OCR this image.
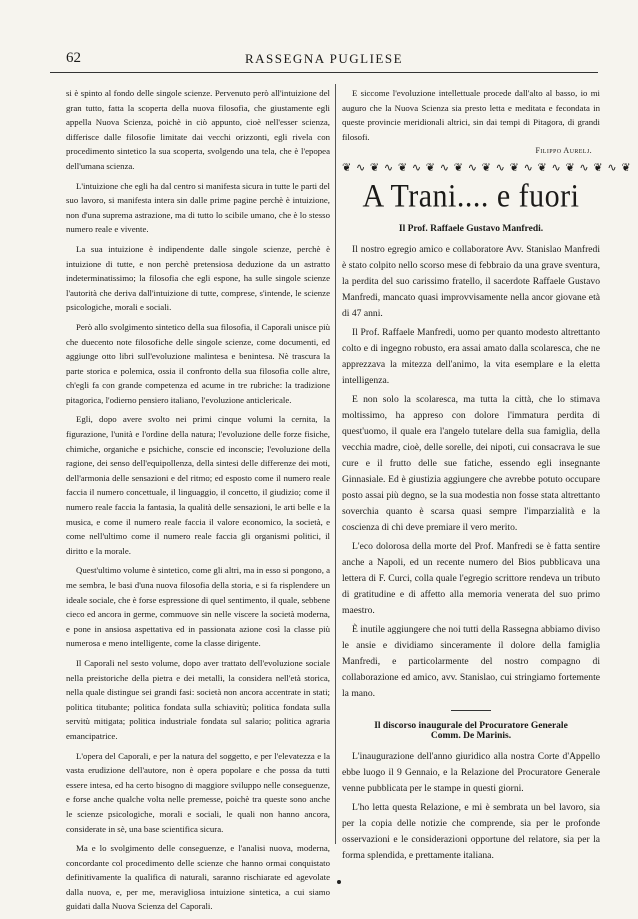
62	RASSEGNA PUGLIESE

si è spinto al fondo delle singole scienze. Pervenuto però all'intuizione del gran tutto, fatta la scoperta della nuova filosofia, che giustamente egli appella Nuova Scienza, poichè in ciò appunto, cioè nell'esser scienza, differisce dalle filosofie limitate dai vecchi orizzonti, egli rivela con procedimento sintetico la sua scoperta, svolgendo una tela, che è l'epopea dell'umana scienza.

L'intuizione che egli ha dal centro si manifesta sicura in tutte le parti del suo lavoro, si manifesta intera sin dalle prime pagine perchè è intuizione, non d'una suprema astrazione, ma di tutto lo scibile umano, che è lo stesso numero reale e vivente.

La sua intuizione è indipendente dalle singole scienze, perchè è intuizione di tutte, e non perchè pretensiosa deduzione da un astratto indeterminatissimo; la filosofia che egli espone, ha sulle singole scienze l'autorità che deriva dall'intuizione di tutte, comprese, s'intende, le scienze psicologiche, morali e sociali.

Però allo svolgimento sintetico della sua filosofia, il Caporali unisce più che duecento note filosofiche delle singole scienze, come documenti, ed aggiunge otto libri sull'evoluzione malintesa e benintesa. Nè trascura la parte storica e polemica, ossia il confronto della sua filosofia colle altre, ch'egli fa con grande competenza ed acume in tre rubriche: la tradizione pitagorica, l'odierno pensiero italiano, l'evoluzione anticlericale.

Egli, dopo avere svolto nei primi cinque volumi la cernita, la figurazione, l'unità e l'ordine della natura; l'evoluzione delle forze fisiche, chimiche, organiche e psichiche, conscie ed inconscie; l'evoluzione della ragione, dei senso dell'equipollenza, della sintesi delle differenze dei moti, dell'armonia delle sensazioni e del ritmo; ed esposto come il numero reale faccia il numero concettuale, il linguaggio, il concetto, il giudizio; come il numero reale faccia la fantasia, la qualità delle sensazioni, le arti belle e la musica, e come il numero reale faccia il valore economico, la società, e come nell'ultimo come il numero reale faccia gli organismi politici, il diritto e la morale.

Quest'ultimo volume è sintetico, come gli altri, ma in esso si pongono, a me sembra, le basi d'una nuova filosofia della storia, e si fa risplendere un ideale sociale, che è forse espressione di quel sentimento, il quale, sebbene cieco ed ancora in germe, commuove sin nelle viscere la società moderna, e pone in ansiosa aspettativa ed in passionata azione così la classe più numerosa e meno intelligente, come la classe dirigente.

Il Caporali nel sesto volume, dopo aver trattato dell'evoluzione sociale nella preistoriche della pietra e dei metalli, la considera nell'età storica, nella quale distingue sei grandi fasi: società non ancora accentrate in stati; politica titubante; politica fondata sulla schiavitù; politica fondata sulla servitù mitigata; politica industriale fondata sul salario; politica agraria emancipatrice.

L'opera del Caporali, e per la natura del soggetto, e per l'elevatezza e la vasta erudizione dell'autore, non è opera popolare e che possa da tutti essere intesa, ed ha certo bisogno di maggiore sviluppo nelle conseguenze, e forse anche qualche volta nelle premesse, poichè tra queste sono anche le scienze psicologiche, morali e sociali, le quali non hanno ancora, considerate in sè, una base scientifica sicura.

Ma e lo svolgimento delle conseguenze, e l'analisi nuova, moderna, concordante col procedimento delle scienze che hanno ormai conquistato definitivamente la qualifica di naturali, saranno rischiarate ed agevolate dalla nuova, e, per me, meravigliosa intuizione sintetica, a cui siamo guidati dalla Nuova Scienza del Caporali.

E siccome l'evoluzione intellettuale procede dall'alto al basso, io mi auguro che la Nuova Scienza sia presto letta e meditata e fecondata in queste provincie meridionali altrici, sin dai tempi di Pitagora, di grandi filosofi.

Filippo Aurelj.
❦ ∿ ❦ ∿ ❦ ∿ ❦ ∿ ❦ ∿ ❦ ∿ ❦ ∿ ❦ ∿ ❦ ∿ ❦ ∿ ❦
A Trani.... e fuori
Il Prof. Raffaele Gustavo Manfredi.

Il nostro egregio amico e collaboratore Avv. Stanislao Manfredi è stato colpito nello scorso mese di febbraio da una grave sventura, la perdita del suo carissimo fratello, il sacerdote Raffaele Gustavo Manfredi, mancato quasi improvvisamente nella ancor giovane età di 47 anni.

Il Prof. Raffaele Manfredi, uomo per quanto modesto altrettanto colto e di ingegno robusto, era assai amato dalla scolaresca, che ne apprezzava la mitezza dell'animo, la vita esemplare e la eletta intelligenza.

E non solo la scolaresca, ma tutta la città, che lo stimava moltissimo, ha appreso con dolore l'immatura perdita di quest'uomo, il quale era l'angelo tutelare della sua famiglia, della vecchia madre, cioè, delle sorelle, dei nipoti, cui consacrava le sue cure e il frutto delle sue fatiche, essendo egli insegnante Ginnasiale. Ed è giustizia aggiungere che avrebbe potuto occupare posto assai più degno, se la sua modestia non fosse stata altrettanto soverchia quanto è scarsa quasi sempre l'imparzialità e la coscienza di chi deve premiare il vero merito.

L'eco dolorosa della morte del Prof. Manfredi se è fatta sentire anche a Napoli, ed un recente numero del Bios pubblicava una lettera di F. Curci, colla quale l'egregio scrittore rendeva un tributo di gratitudine e di affetto alla memoria venerata del suo primo maestro.

È inutile aggiungere che noi tutti della Rassegna abbiamo diviso le ansie e dividiamo sinceramente il dolore della famiglia Manfredi, e particolarmente del nostro compagno di collaborazione ed amico, avv. Stanislao, cui stringiamo fortemente la mano.

Il discorso inaugurale del Procuratore Generale
Comm. De Marinis.

L'inaugurazione dell'anno giuridico alla nostra Corte d'Appello ebbe luogo il 9 Gennaio, e la Relazione del Procuratore Generale venne pubblicata per le stampe in questi giorni.

L'ho letta questa Relazione, e mi è sembrata un bel lavoro, sia per la copia delle notizie che comprende, sia per le profonde osservazioni e le considerazioni opportune del relatore, sia per la forma splendida, e prettamente italiana.
